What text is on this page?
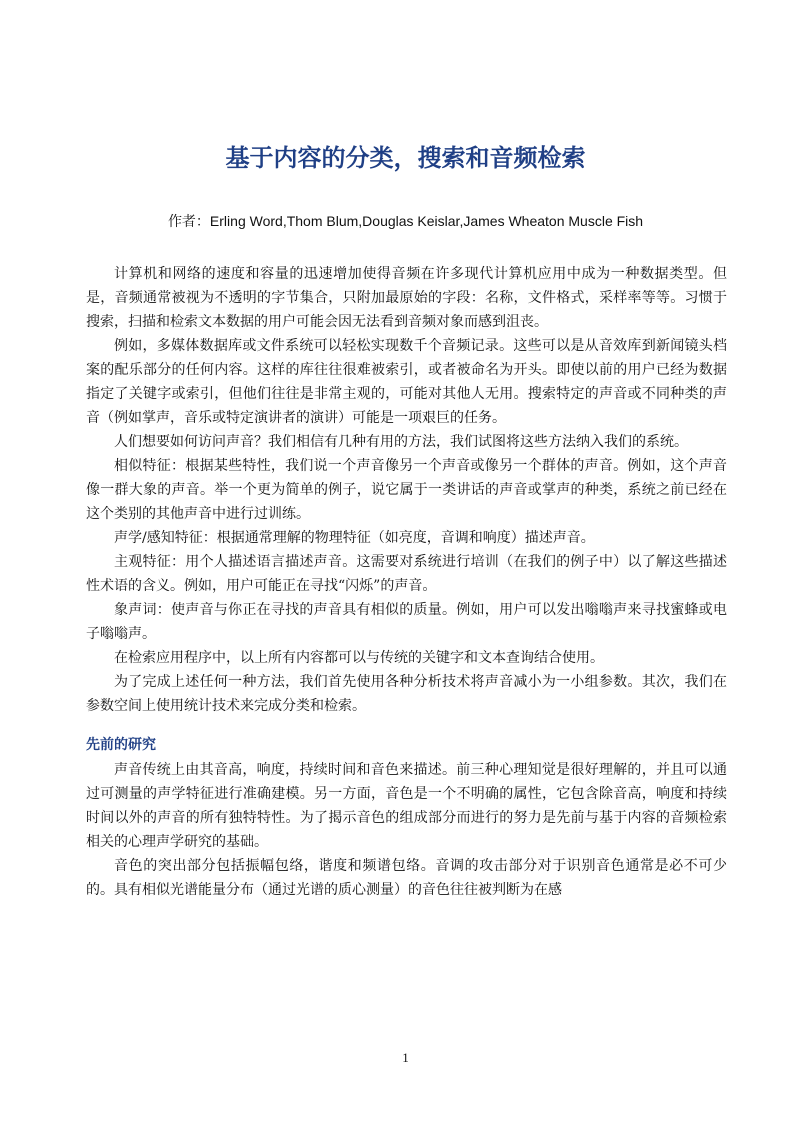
基于内容的分类，搜索和音频检索
作者：Erling Word,Thom Blum,Douglas Keislar,James Wheaton Muscle Fish

计算机和网络的速度和容量的迅速增加使得音频在许多现代计算机应用中成为一种数据类型。但是，音频通常被视为不透明的字节集合，只附加最原始的字段：名称，文件格式，采样率等等。习惯于搜索，扫描和检索文本数据的用户可能会因无法看到音频对象而感到沮丧。

例如，多媒体数据库或文件系统可以轻松实现数千个音频记录。这些可以是从音效库到新闻镜头档案的配乐部分的任何内容。这样的库往往很难被索引，或者被命名为开头。即使以前的用户已经为数据指定了关键字或索引，但他们往往是非常主观的，可能对其他人无用。搜索特定的声音或不同种类的声音（例如掌声，音乐或特定演讲者的演讲）可能是一项艰巨的任务。

人们想要如何访问声音？我们相信有几种有用的方法，我们试图将这些方法纳入我们的系统。

相似特征：根据某些特性，我们说一个声音像另一个声音或像另一个群体的声音。例如，这个声音像一群大象的声音。举一个更为简单的例子，说它属于一类讲话的声音或掌声的种类，系统之前已经在这个类别的其他声音中进行过训练。

声学/感知特征：根据通常理解的物理特征（如亮度，音调和响度）描述声音。

主观特征：用个人描述语言描述声音。这需要对系统进行培训（在我们的例子中）以了解这些描述性术语的含义。例如，用户可能正在寻找“闪烁”的声音。

象声词：使声音与你正在寻找的声音具有相似的质量。例如，用户可以发出嗡嗡声来寻找蜜蜂或电子嗡嗡声。

在检索应用程序中，以上所有内容都可以与传统的关键字和文本查询结合使用。

为了完成上述任何一种方法，我们首先使用各种分析技术将声音减小为一小组参数。其次，我们在参数空间上使用统计技术来完成分类和检索。

先前的研究

声音传统上由其音高，响度，持续时间和音色来描述。前三种心理知觉是很好理解的，并且可以通过可测量的声学特征进行准确建模。另一方面，音色是一个不明确的属性，它包含除音高，响度和持续时间以外的声音的所有独特特性。为了揭示音色的组成部分而进行的努力是先前与基于内容的音频检索相关的心理声学研究的基础。

音色的突出部分包括振幅包络，谐度和频谱包络。音调的攻击部分对于识别音色通常是必不可少的。具有相似光谱能量分布（通过光谱的质心测量）的音色往往被判断为在感

1
